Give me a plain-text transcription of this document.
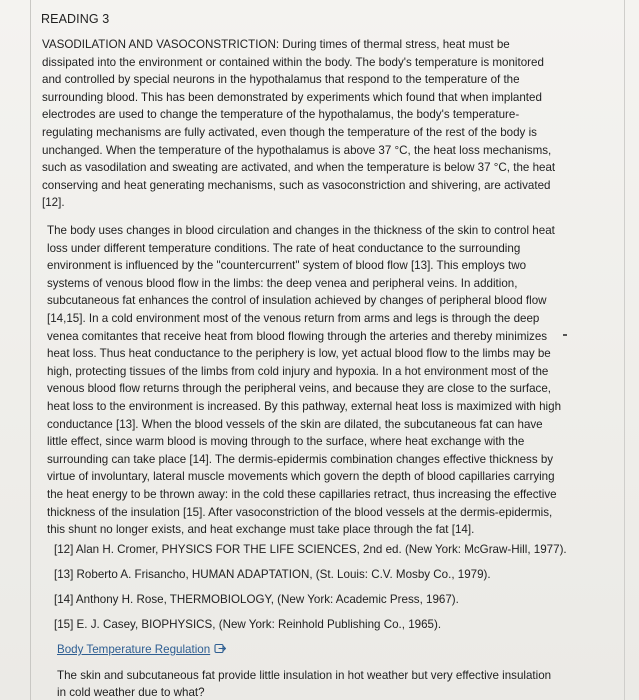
READING 3

VASODILATION AND VASOCONSTRICTION: During times of thermal stress, heat must be dissipated into the environment or contained within the body. The body's temperature is monitored and controlled by special neurons in the hypothalamus that respond to the temperature of the surrounding blood. This has been demonstrated by experiments which found that when implanted electrodes are used to change the temperature of the hypothalamus, the body's temperature-regulating mechanisms are fully activated, even though the temperature of the rest of the body is unchanged. When the temperature of the hypothalamus is above 37 °C, the heat loss mechanisms, such as vasodilation and sweating are activated, and when the temperature is below 37 °C, the heat conserving and heat generating mechanisms, such as vasoconstriction and shivering, are activated [12].

The body uses changes in blood circulation and changes in the thickness of the skin to control heat loss under different temperature conditions. The rate of heat conductance to the surrounding environment is influenced by the "countercurrent" system of blood flow [13]. This employs two systems of venous blood flow in the limbs: the deep venea and peripheral veins. In addition, subcutaneous fat enhances the control of insulation achieved by changes of peripheral blood flow [14,15]. In a cold environment most of the venous return from arms and legs is through the deep venea comitantes that receive heat from blood flowing through the arteries and thereby minimizes heat loss. Thus heat conductance to the periphery is low, yet actual blood flow to the limbs may be high, protecting tissues of the limbs from cold injury and hypoxia. In a hot environment most of the venous blood flow returns through the peripheral veins, and because they are close to the surface, heat loss to the environment is increased. By this pathway, external heat loss is maximized with high conductance [13]. When the blood vessels of the skin are dilated, the subcutaneous fat can have little effect, since warm blood is moving through to the surface, where heat exchange with the surrounding can take place [14]. The dermis-epidermis combination changes effective thickness by virtue of involuntary, lateral muscle movements which govern the depth of blood capillaries carrying the heat energy to be thrown away: in the cold these capillaries retract, thus increasing the effective thickness of the insulation [15]. After vasoconstriction of the blood vessels at the dermis-epidermis, this shunt no longer exists, and heat exchange must take place through the fat [14].

[12] Alan H. Cromer, PHYSICS FOR THE LIFE SCIENCES, 2nd ed. (New York: McGraw-Hill, 1977).

[13] Roberto A. Frisancho, HUMAN ADAPTATION, (St. Louis: C.V. Mosby Co., 1979).

[14] Anthony H. Rose, THERMOBIOLOGY, (New York: Academic Press, 1967).

[15] E. J. Casey, BIOPHYSICS, (New York: Reinhold Publishing Co., 1965).

Body Temperature Regulation

The skin and subcutaneous fat provide little insulation in hot weather but very effective insulation in cold weather due to what?
